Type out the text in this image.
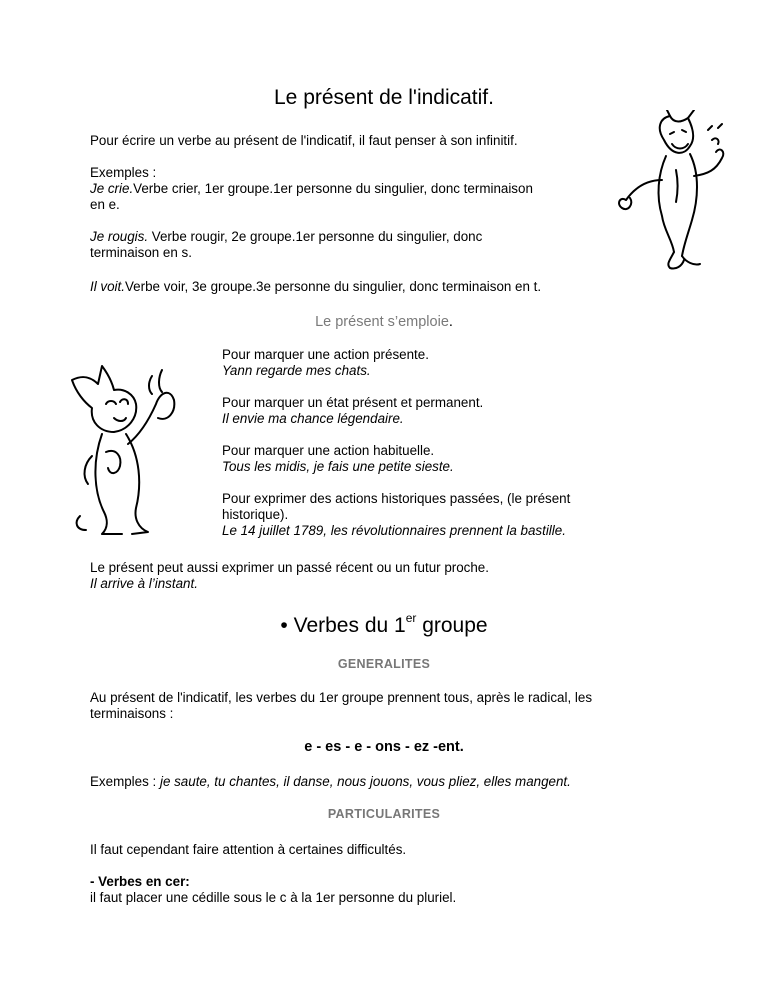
Le présent de l'indicatif.

Pour écrire un verbe au présent de l'indicatif, il faut penser à son infinitif.

Exemples :

Je crie.Verbe crier, 1er groupe.1er personne du singulier, donc terminaison

en e.

Je rougis. Verbe rougir, 2e groupe.1er personne du singulier, donc

terminaison en s.

Il voit.Verbe voir, 3e groupe.3e personne du singulier, donc terminaison en t.

Le présent s’emploie.

Pour marquer une action présente.

Yann regarde mes chats.

Pour marquer un état présent et permanent.

Il envie ma chance légendaire.

Pour marquer une action habituelle.

Tous les midis, je fais une petite sieste.

Pour exprimer des actions historiques passées, (le présent

historique).

Le 14 juillet 1789, les révolutionnaires prennent la bastille.

Le présent peut aussi exprimer un passé récent ou un futur proche.

Il arrive à l’instant.

• Verbes du 1er groupe
GENERALITES

Au présent de l'indicatif, les verbes du 1er groupe prennent tous, après le radical, les

terminaisons :

e - es - e - ons - ez -ent.

Exemples : je saute, tu chantes, il danse, nous jouons, vous pliez, elles mangent.

PARTICULARITES

Il faut cependant faire attention à certaines difficultés.

- Verbes en cer:

il faut placer une cédille sous le c à la 1er personne du pluriel.
